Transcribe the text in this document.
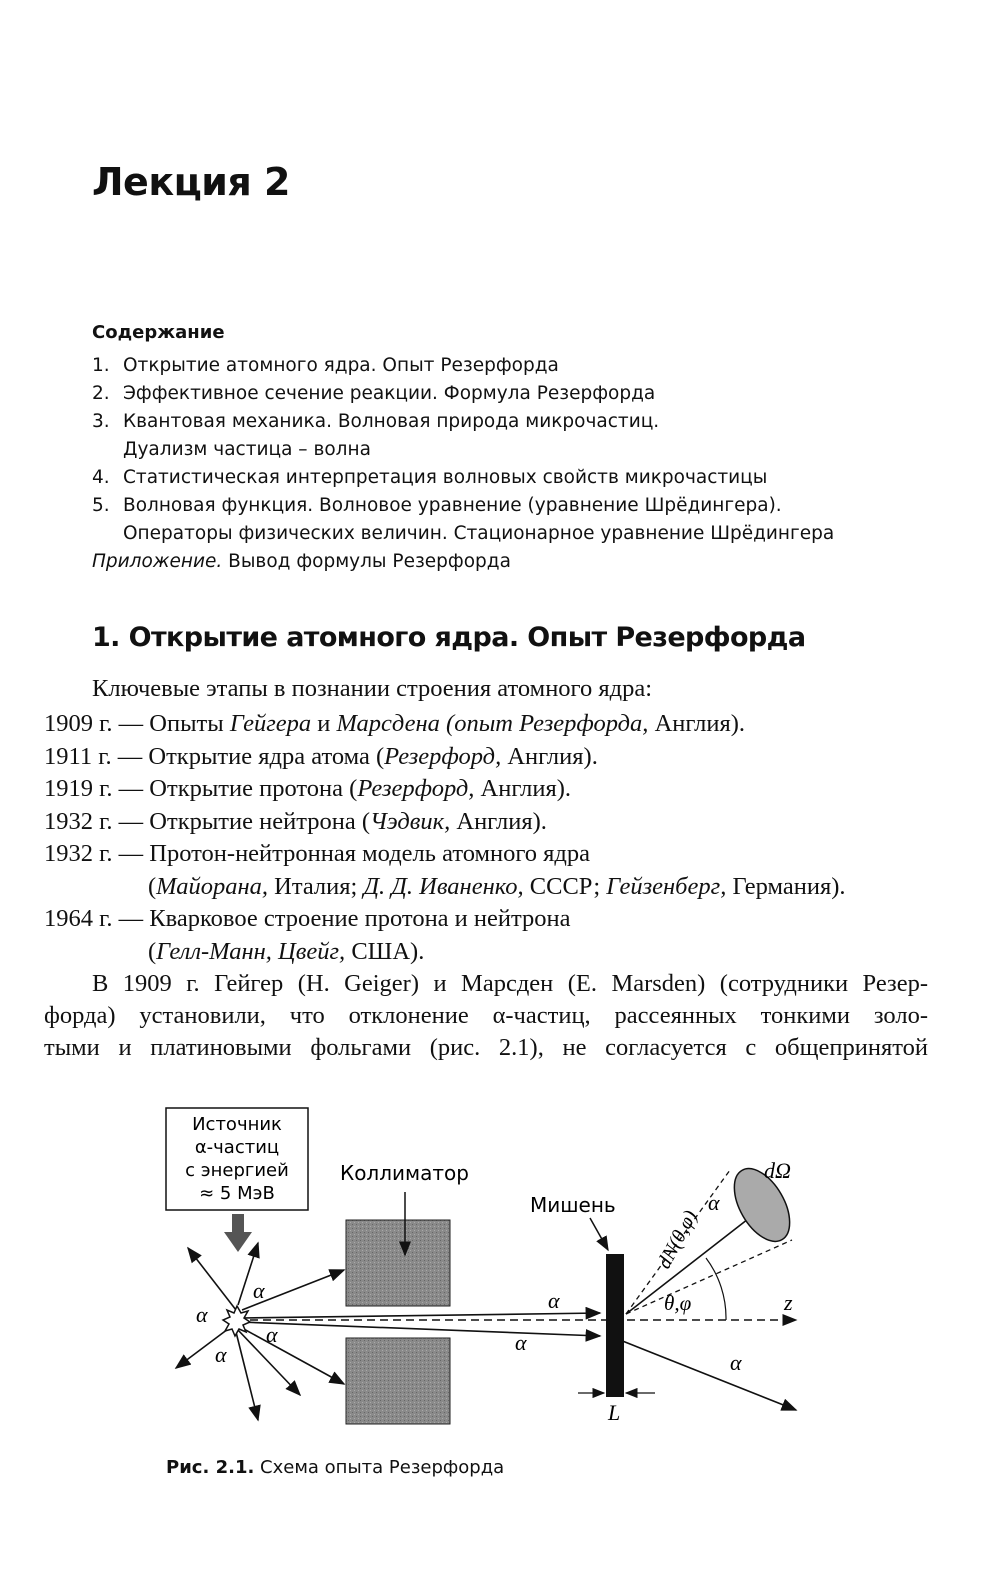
Лекция 2
Содержание
1. Открытие атомного ядра. Опыт Резерфорда
2. Эффективное сечение реакции. Формула Резерфорда
3. Квантовая механика. Волновая природа микрочастиц.
Дуализм частица – волна
4. Статистическая интерпретация волновых свойств микрочастицы
5. Волновая функция. Волновое уравнение (уравнение Шрёдингера).
Операторы физических величин. Стационарное уравнение Шрёдингера
Приложение. Вывод формулы Резерфорда
1. Открытие атомного ядра. Опыт Резерфорда
Ключевые этапы в познании строения атомного ядра:
1909 г. — Опыты Гейгера и Марсдена (опыт Резерфорда, Англия).
1911 г. — Открытие ядра атома (Резерфорд, Англия).
1919 г. — Открытие протона (Резерфорд, Англия).
1932 г. — Открытие нейтрона (Чэдвик, Англия).
1932 г. — Протон-нейтронная модель атомного ядра
(Майорана, Италия; Д. Д. Иваненко, СССР; Гейзенберг, Германия).
1964 г. — Кварковое строение протона и нейтрона
(Гелл-Манн, Цвейг, США).
В 1909 г. Гейгер (H. Geiger) и Марсден (E. Marsden) (сотрудники Резер-
форда) установили, что отклонение α-частиц, рассеянных тонкими золо-
тыми и платиновыми фольгами (рис. 2.1), не согласуется с общепринятой
Источник
α-частиц
с энергией
≈ 5 МэВ
Коллиматор
Мишень
α
α
α
α
α
α
α
α
dN(θ,φ)
dΩ
θ,φ	z
L
Рис. 2.1. Схема опыта Резерфорда
